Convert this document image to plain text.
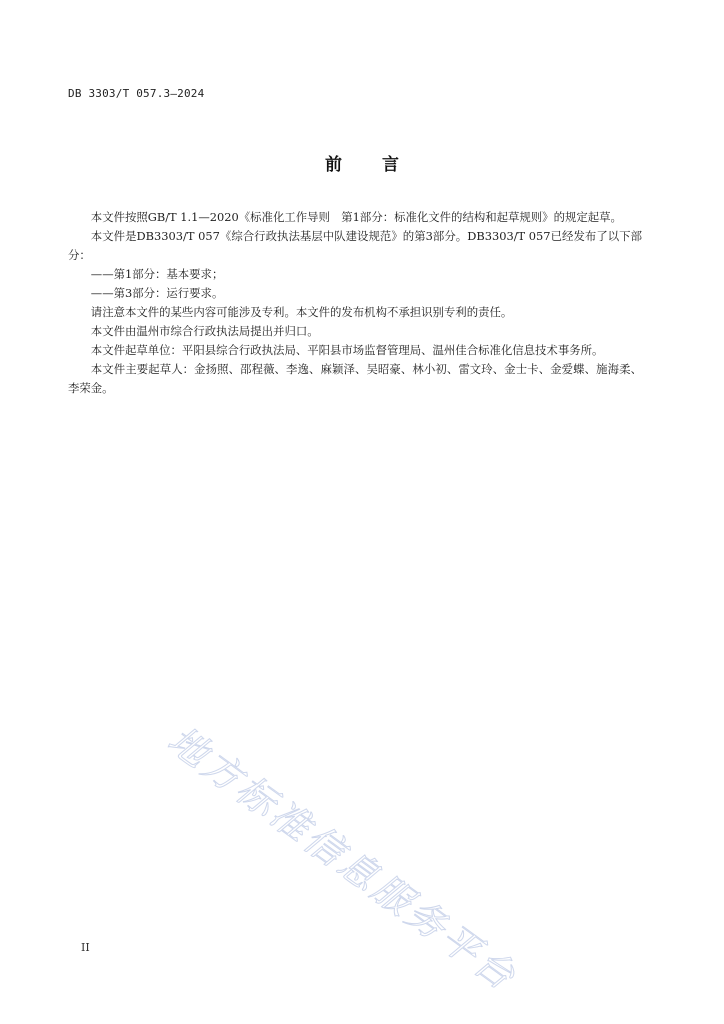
DB 3303/T 057.3—2024
前 言

本文件按照GB/T 1.1—2020《标准化工作导则　第1部分：标准化文件的结构和起草规则》的规定起草。

本文件是DB3303/T 057《综合行政执法基层中队建设规范》的第3部分。DB3303/T 057已经发布了以下部分：

——第1部分：基本要求；

——第3部分：运行要求。

请注意本文件的某些内容可能涉及专利。本文件的发布机构不承担识别专利的责任。

本文件由温州市综合行政执法局提出并归口。

本文件起草单位：平阳县综合行政执法局、平阳县市场监督管理局、温州佳合标准化信息技术事务所。

本文件主要起草人：金扬照、邵程薇、李逸、麻颖泽、吴昭豪、林小初、雷文玲、金士卡、金爱蝶、施海柔、李荣金。

地方标准信息服务平台
II
